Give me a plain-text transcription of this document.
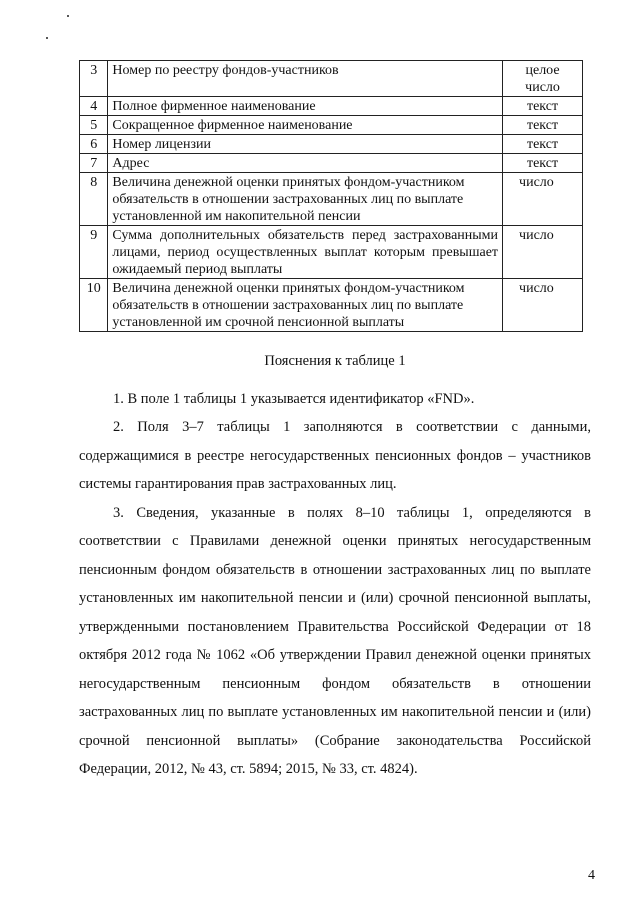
3	Номер по реестру фондов-участников	целое число
4	Полное фирменное наименование	текст
5	Сокращенное фирменное наименование	текст
6	Номер лицензии	текст
7	Адрес	текст
8	Величина денежной оценки принятых фондом-участником обязательств в отношении застрахованных лиц по выплате установленной им накопительной пенсии	число
9	Сумма дополнительных обязательств перед застрахованными лицами, период осуществленных выплат которым превышает ожидаемый период выплаты	число
10	Величина денежной оценки принятых фондом-участником обязательств в отношении застрахованных лиц по выплате установленной им срочной пенсионной выплаты	число
Пояснения к таблице 1

1. В поле 1 таблицы 1 указывается идентификатор «FND».

2. Поля 3–7 таблицы 1 заполняются в соответствии с данными, содержащимися в реестре негосударственных пенсионных фондов – участников системы гарантирования прав застрахованных лиц.

3. Сведения, указанные в полях 8–10 таблицы 1, определяются в соответствии с Правилами денежной оценки принятых негосударственным пенсионным фондом обязательств в отношении застрахованных лиц по выплате установленных им накопительной пенсии и (или) срочной пенсионной выплаты, утвержденными постановлением Правительства Российской Федерации от 18 октября 2012 года № 1062 «Об утверждении Правил денежной оценки принятых негосударственным пенсионным фондом обязательств в отношении застрахованных лиц по выплате установленных им накопительной пенсии и (или) срочной пенсионной выплаты» (Собрание законодательства Российской Федерации, 2012, № 43, ст. 5894; 2015, № 33, ст. 4824).

4
